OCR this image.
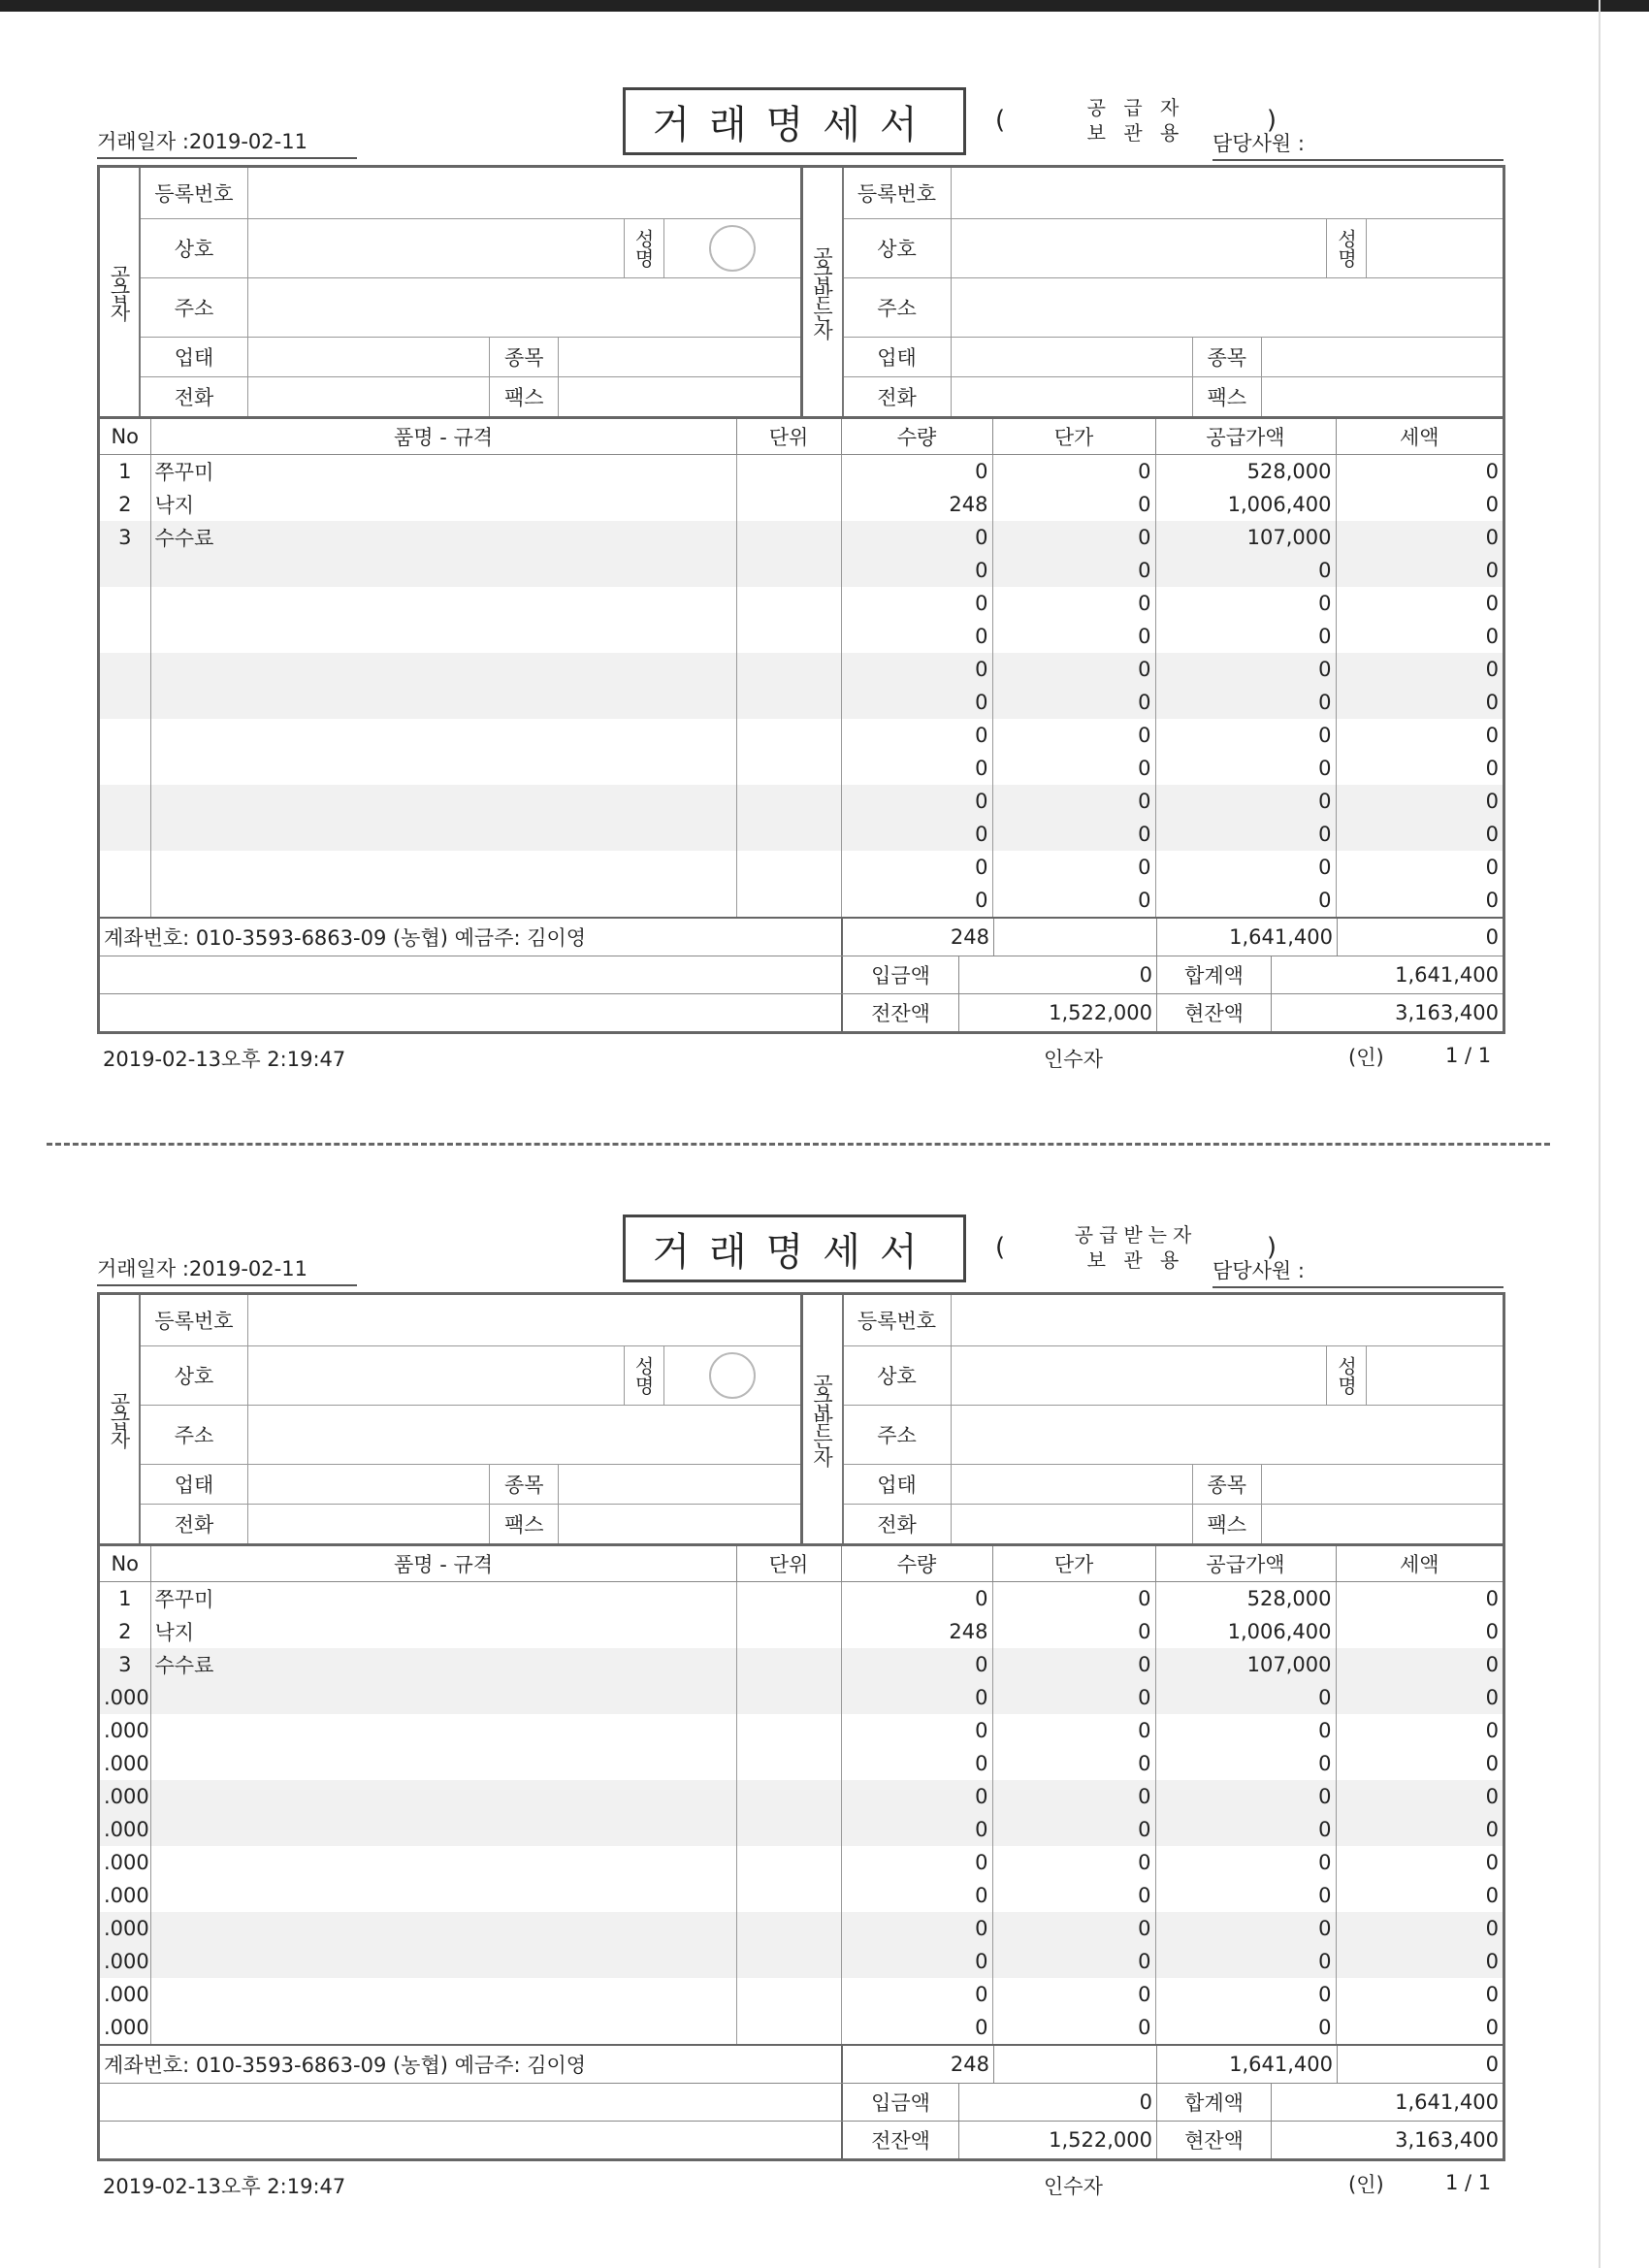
거래일자 :2019-02-11	거래명세서	(	공 급 자
보 관 용	)
담당사원 :
공급자
등록번호
상호	성명
주소
업태	종목
전화	팩스
공급받는자
등록번호
상호	성명
주소
업태	종목
전화	팩스
No	품명 - 규격	단위	수량	단가	공급가액	세액
1	쭈꾸미		0	0	528,000	0
2	낙지		248	0	1,006,400	0
3	수수료		0	0	107,000	0
			0	0	0	0
			0	0	0	0
			0	0	0	0
			0	0	0	0
			0	0	0	0
			0	0	0	0
			0	0	0	0
			0	0	0	0
			0	0	0	0
			0	0	0	0
			0	0	0	0
계좌번호: 010-3593-6863-09 (농협) 예금주: 김이영	248	1,641,400	0
입금액	0	합계액	1,641,400
전잔액	1,522,000	현잔액	3,163,400
2019-02-13오후 2:19:47	인수자	(인)	1 / 1
거래일자 :2019-02-11	거래명세서	(	공급받는자
보 관 용	)
담당사원 :
공급자
등록번호
상호	성명
주소
업태	종목
전화	팩스
공급받는자
등록번호
상호	성명
주소
업태	종목
전화	팩스
No	품명 - 규격	단위	수량	단가	공급가액	세액
1	쭈꾸미		0	0	528,000	0
2	낙지		248	0	1,006,400	0
3	수수료		0	0	107,000	0
.000			0	0	0	0
.000			0	0	0	0
.000			0	0	0	0
.000			0	0	0	0
.000			0	0	0	0
.000			0	0	0	0
.000			0	0	0	0
.000			0	0	0	0
.000			0	0	0	0
.000			0	0	0	0
.000			0	0	0	0
계좌번호: 010-3593-6863-09 (농협) 예금주: 김이영	248	1,641,400	0
입금액	0	합계액	1,641,400
전잔액	1,522,000	현잔액	3,163,400
2019-02-13오후 2:19:47	인수자	(인)	1 / 1
